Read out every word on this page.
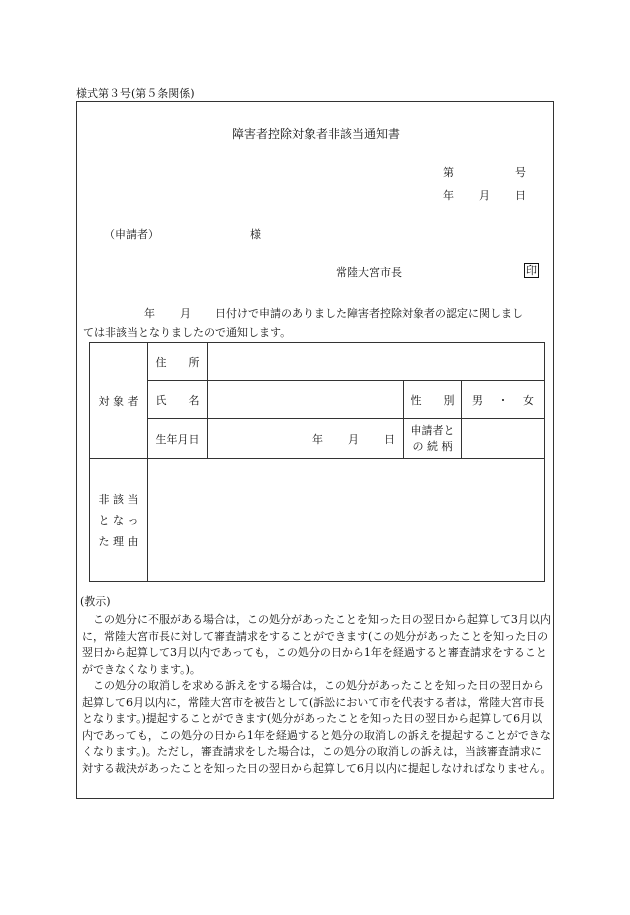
様式第３号(第５条関係)
障害者控除対象者非該当通知書
第	号
年 月 日
（申請者）	様
常陸大宮市長	印
年 月 日付けで申請のありました障害者控除対象者の認定に関しまし
ては非該当となりましたので通知します。
対 象 者	住　　所			
	氏　　名		性　　別	男 　・ 　女
	生年月日	年 月 日	申請者と
の 続 柄	
非 該 当
と な っ
た 理 由				
(教示)
この処分に不服がある場合は，この処分があったことを知った日の翌日から起算して3月以内に，常陸大宮市長に対して審査請求をすることができます(この処分があったことを知った日の翌日から起算して3月以内であっても，この処分の日から1年を経過すると審査請求をすることができなくなります。)。
この処分の取消しを求める訴えをする場合は，この処分があったことを知った日の翌日から起算して6月以内に，常陸大宮市を被告として(訴訟において市を代表する者は，常陸大宮市長となります。)提起することができます(処分があったことを知った日の翌日から起算して6月以内であっても，この処分の日から1年を経過すると処分の取消しの訴えを提起することができなくなります。)。ただし，審査請求をした場合は，この処分の取消しの訴えは，当該審査請求に対する裁決があったことを知った日の翌日から起算して6月以内に提起しなければなりません。
